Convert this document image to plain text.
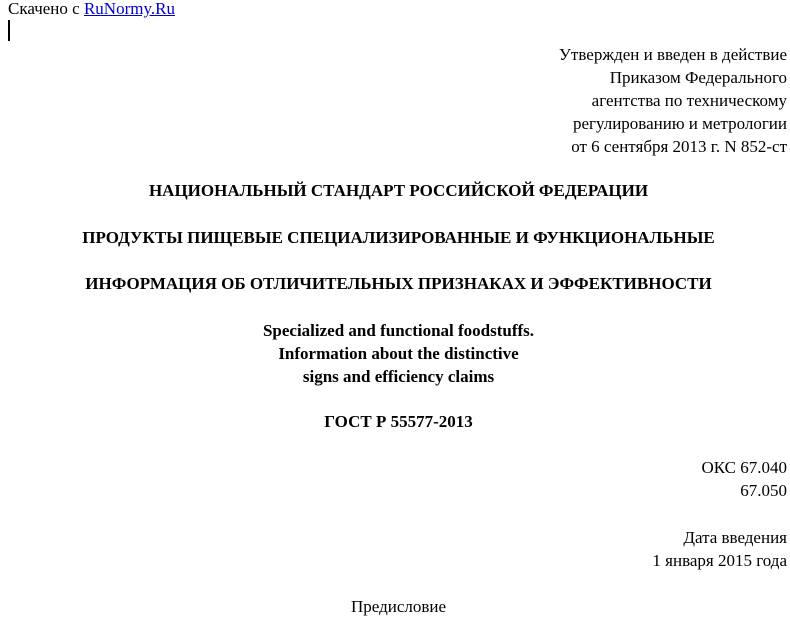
Скачено с RuNormy.Ru
Утвержден и введен в действие
Приказом Федерального
агентства по техническому
регулированию и метрологии
от 6 сентября 2013 г. N 852-ст
НАЦИОНАЛЬНЫЙ СТАНДАРТ РОССИЙСКОЙ ФЕДЕРАЦИИ
ПРОДУКТЫ ПИЩЕВЫЕ СПЕЦИАЛИЗИРОВАННЫЕ И ФУНКЦИОНАЛЬНЫЕ
ИНФОРМАЦИЯ ОБ ОТЛИЧИТЕЛЬНЫХ ПРИЗНАКАХ И ЭФФЕКТИВНОСТИ
Specialized and functional foodstuffs.
Information about the distinctive
signs and efficiency claims
ГОСТ Р 55577-2013
ОКС 67.040
67.050
Дата введения
1 января 2015 года
Предисловие
